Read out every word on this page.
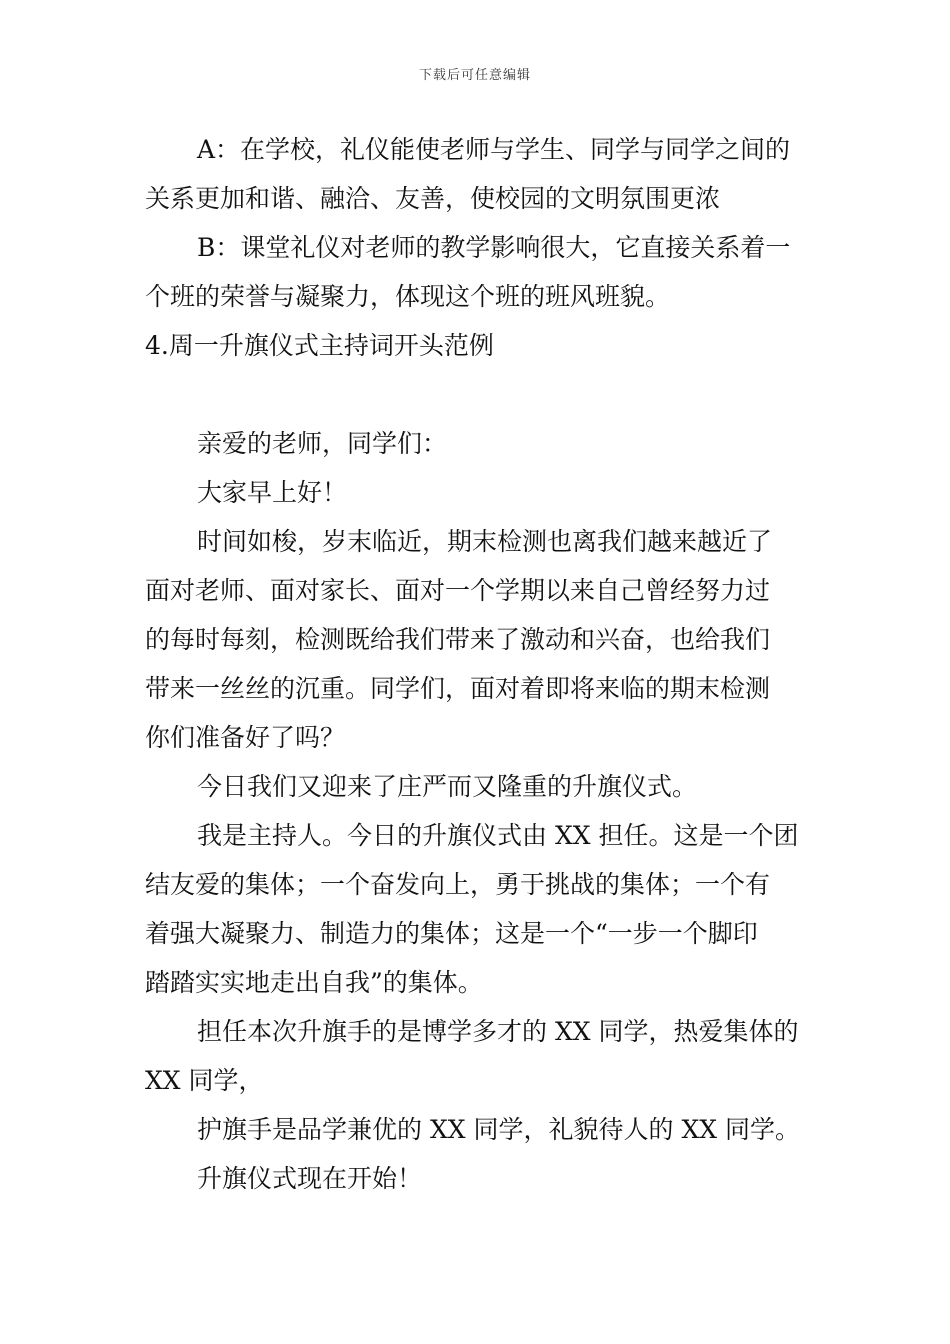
下载后可任意编辑
A：在学校，礼仪能使老师与学生、同学与同学之间的
关系更加和谐、融洽、友善，使校园的文明氛围更浓
B：课堂礼仪对老师的教学影响很大，它直接关系着一
个班的荣誉与凝聚力，体现这个班的班风班貌。
4.周一升旗仪式主持词开头范例
亲爱的老师，同学们：
大家早上好！
时间如梭，岁末临近，期末检测也离我们越来越近了
面对老师、面对家长、面对一个学期以来自己曾经努力过
的每时每刻，检测既给我们带来了激动和兴奋，也给我们
带来一丝丝的沉重。同学们，面对着即将来临的期末检测
你们准备好了吗？
今日我们又迎来了庄严而又隆重的升旗仪式。
我是主持人。今日的升旗仪式由 XX 担任。这是一个团
结友爱的集体；一个奋发向上，勇于挑战的集体；一个有
着强大凝聚力、制造力的集体；这是一个“一步一个脚印
踏踏实实地走出自我”的集体。
担任本次升旗手的是博学多才的 XX 同学，热爱集体的
XX 同学，
护旗手是品学兼优的 XX 同学，礼貌待人的 XX 同学。
升旗仪式现在开始！
